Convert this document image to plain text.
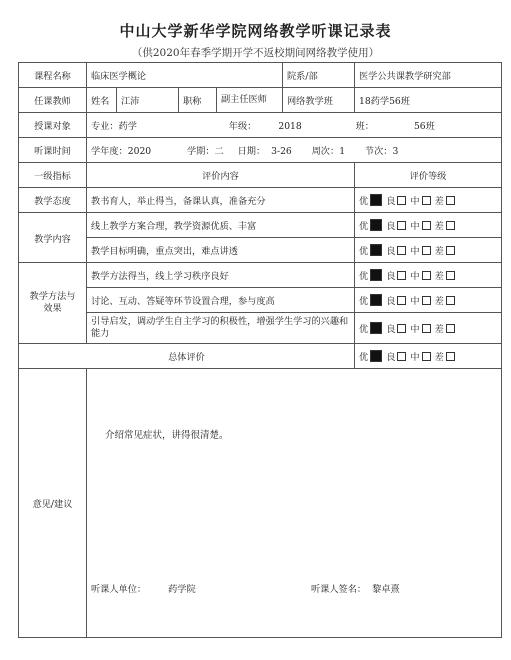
中山大学新华学院网络教学听课记录表
（供2020年春季学期开学不返校期间网络教学使用）
课程名称	临床医学概论				院系/部	医学公共课教学研究部
任课教师	姓名	江沛	职称	副主任医师	网络教学班	18药学56班
授课对象	专业：药学 年级： 2018 班： 56班					
听课时间	学年度：2020 学期：二 日期： 3-26 周次：1 节次：3					
一级指标	评价内容					评价等级
教学态度	教书育人，举止得当，备课认真，准备充分					优 良 中 差
教学内容	线上教学方案合理，教学资源优质、丰富					优 良 中 差
	教学目标明确，重点突出，难点讲透					优 良 中 差
教学方法与效果	教学方法得当，线上学习秩序良好					优 良 中 差
	讨论、互动、答疑等环节设置合理，参与度高					优 良 中 差
	引导启发，调动学生自主学习的积极性，增强学生学习的兴趣和能力					优 良 中 差
总体评价						优 良 中 差
意见/建议	介绍常见症状，讲得很清楚。
听课人单位： 药学院 听课人签名： 黎卓熹					
